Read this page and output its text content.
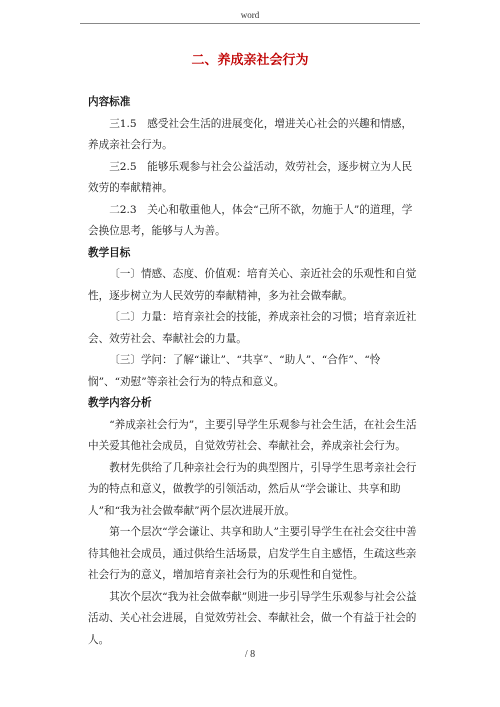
word
二、养成亲社会行为

内容标准

三1.5　感受社会生活的进展变化，增进关心社会的兴趣和情感，养成亲社会行为。

三2.5　能够乐观参与社会公益活动，效劳社会，逐步树立为人民效劳的奉献精神。

二2.3　关心和敬重他人，体会“己所不欲，勿施于人”的道理，学会换位思考，能够与人为善。

教学目标

〔一〕情感、态度、价值观：培育关心、亲近社会的乐观性和自觉性，逐步树立为人民效劳的奉献精神，多为社会做奉献。

〔二〕力量：培育亲社会的技能，养成亲社会的习惯；培育亲近社会、效劳社会、奉献社会的力量。

〔三〕学问：了解“谦让”、“共享”、“助人”、“合作”、“怜悯”、“劝慰”等亲社会行为的特点和意义。

教学内容分析

“养成亲社会行为”，主要引导学生乐观参与社会生活，在社会生活中关爱其他社会成员，自觉效劳社会、奉献社会，养成亲社会行为。

教材先供给了几种亲社会行为的典型图片，引导学生思考亲社会行为的特点和意义，做教学的引领活动，然后从“学会谦让、共享和助人”和“我为社会做奉献”两个层次进展开放。

第一个层次“学会谦让、共享和助人”主要引导学生在社会交往中善待其他社会成员，通过供给生活场景，启发学生自主感悟，生疏这些亲社会行为的意义，增加培育亲社会行为的乐观性和自觉性。

其次个层次“我为社会做奉献”则进一步引导学生乐观参与社会公益活动、关心社会进展，自觉效劳社会、奉献社会，做一个有益于社会的人。

/ 8
